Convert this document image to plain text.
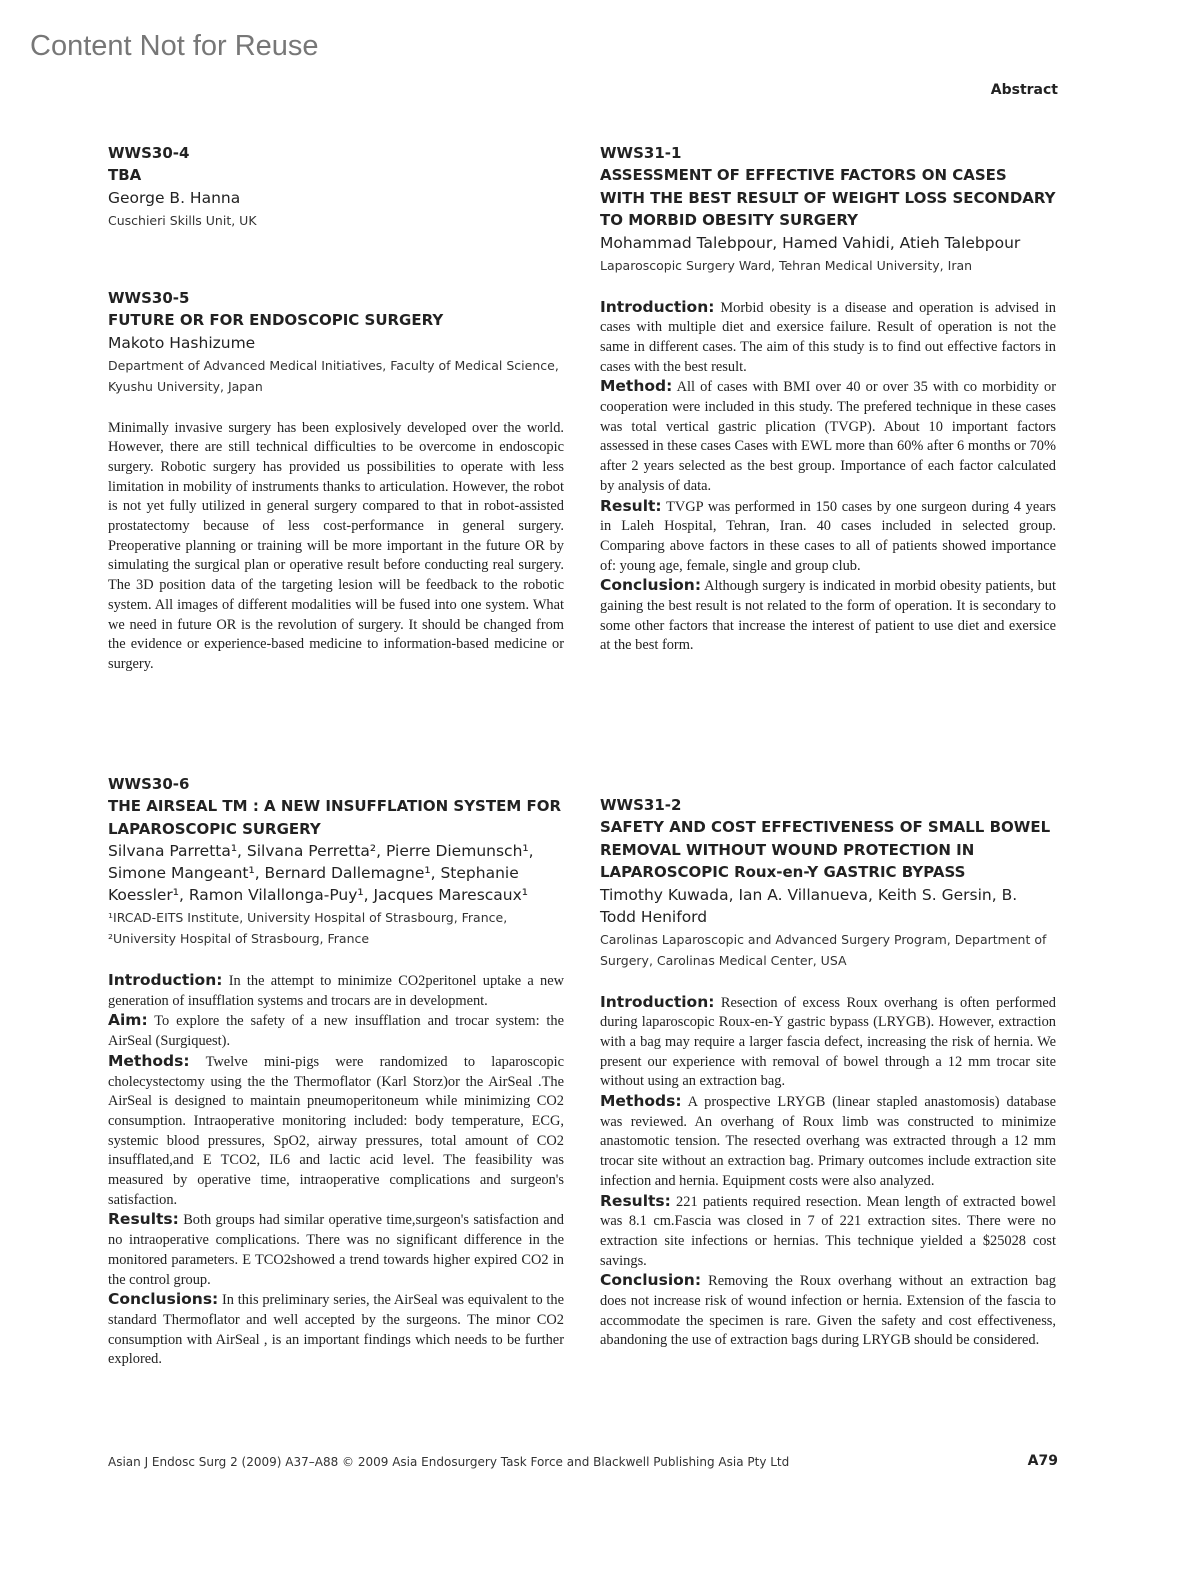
Content Not for Reuse
Abstract
WWS30-4
TBA
George B. Hanna
Cuschieri Skills Unit, UK
WWS30-5
FUTURE OR FOR ENDOSCOPIC SURGERY
Makoto Hashizume
Department of Advanced Medical Initiatives, Faculty of Medical Science, Kyushu University, Japan

Minimally invasive surgery has been explosively developed over the world. However, there are still technical difficulties to be overcome in endoscopic surgery. Robotic surgery has provided us possibilities to operate with less limitation in mobility of instruments thanks to articulation. However, the robot is not yet fully utilized in general surgery compared to that in robot-assisted prostatectomy because of less cost-performance in general surgery. Preoperative planning or training will be more important in the future OR by simulating the surgical plan or operative result before conducting real surgery. The 3D position data of the targeting lesion will be feedback to the robotic system. All images of different modalities will be fused into one system. What we need in future OR is the revolution of surgery. It should be changed from the evidence or experience-based medicine to information-based medicine or surgery.

WWS30-6
THE AIRSEAL TM : A NEW INSUFFLATION SYSTEM FOR LAPAROSCOPIC SURGERY
Silvana Parretta¹, Silvana Perretta², Pierre Diemunsch¹, Simone Mangeant¹, Bernard Dallemagne¹, Stephanie Koessler¹, Ramon Vilallonga-Puy¹, Jacques Marescaux¹
¹IRCAD-EITS Institute, University Hospital of Strasbourg, France, ²University Hospital of Strasbourg, France

Introduction: In the attempt to minimize CO2peritonel uptake a new generation of insufflation systems and trocars are in development.

Aim: To explore the safety of a new insufflation and trocar system: the AirSeal (Surgiquest).

Methods: Twelve mini-pigs were randomized to laparoscopic cholecystectomy using the the Thermoflator (Karl Storz)or the AirSeal .The AirSeal is designed to maintain pneumoperitoneum while minimizing CO2 consumption. Intraoperative monitoring included: body temperature, ECG, systemic blood pressures, SpO2, airway pressures, total amount of CO2 insufflated,and E TCO2, IL6 and lactic acid level. The feasibility was measured by operative time, intraoperative complications and surgeon's satisfaction.

Results: Both groups had similar operative time,surgeon's satisfaction and no intraoperative complications. There was no significant difference in the monitored parameters. E TCO2showed a trend towards higher expired CO2 in the control group.

Conclusions: In this preliminary series, the AirSeal was equivalent to the standard Thermoflator and well accepted by the surgeons. The minor CO2 consumption with AirSeal , is an important findings which needs to be further explored.

WWS31-1
ASSESSMENT OF EFFECTIVE FACTORS ON CASES WITH THE BEST RESULT OF WEIGHT LOSS SECONDARY TO MORBID OBESITY SURGERY
Mohammad Talebpour, Hamed Vahidi, Atieh Talebpour
Laparoscopic Surgery Ward, Tehran Medical University, Iran

Introduction: Morbid obesity is a disease and operation is advised in cases with multiple diet and exersice failure. Result of operation is not the same in different cases. The aim of this study is to find out effective factors in cases with the best result.

Method: All of cases with BMI over 40 or over 35 with co morbidity or cooperation were included in this study. The prefered technique in these cases was total vertical gastric plication (TVGP). About 10 important factors assessed in these cases Cases with EWL more than 60% after 6 months or 70% after 2 years selected as the best group. Importance of each factor calculated by analysis of data.

Result: TVGP was performed in 150 cases by one surgeon during 4 years in Laleh Hospital, Tehran, Iran. 40 cases included in selected group. Comparing above factors in these cases to all of patients showed importance of: young age, female, single and group club.

Conclusion: Although surgery is indicated in morbid obesity patients, but gaining the best result is not related to the form of operation. It is secondary to some other factors that increase the interest of patient to use diet and exersice at the best form.

WWS31-2
SAFETY AND COST EFFECTIVENESS OF SMALL BOWEL REMOVAL WITHOUT WOUND PROTECTION IN LAPAROSCOPIC Roux-en-Y GASTRIC BYPASS
Timothy Kuwada, Ian A. Villanueva, Keith S. Gersin, B. Todd Heniford
Carolinas Laparoscopic and Advanced Surgery Program, Department of Surgery, Carolinas Medical Center, USA

Introduction: Resection of excess Roux overhang is often performed during laparoscopic Roux-en-Y gastric bypass (LRYGB). However, extraction with a bag may require a larger fascia defect, increasing the risk of hernia. We present our experience with removal of bowel through a 12 mm trocar site without using an extraction bag.

Methods: A prospective LRYGB (linear stapled anastomosis) database was reviewed. An overhang of Roux limb was constructed to minimize anastomotic tension. The resected overhang was extracted through a 12 mm trocar site without an extraction bag. Primary outcomes include extraction site infection and hernia. Equipment costs were also analyzed.

Results: 221 patients required resection. Mean length of extracted bowel was 8.1 cm.Fascia was closed in 7 of 221 extraction sites. There were no extraction site infections or hernias. This technique yielded a $25028 cost savings.

Conclusion: Removing the Roux overhang without an extraction bag does not increase risk of wound infection or hernia. Extension of the fascia to accommodate the specimen is rare. Given the safety and cost effectiveness, abandoning the use of extraction bags during LRYGB should be considered.

Asian J Endosc Surg 2 (2009) A37–A88 © 2009 Asia Endosurgery Task Force and Blackwell Publishing Asia Pty Ltd	A79
